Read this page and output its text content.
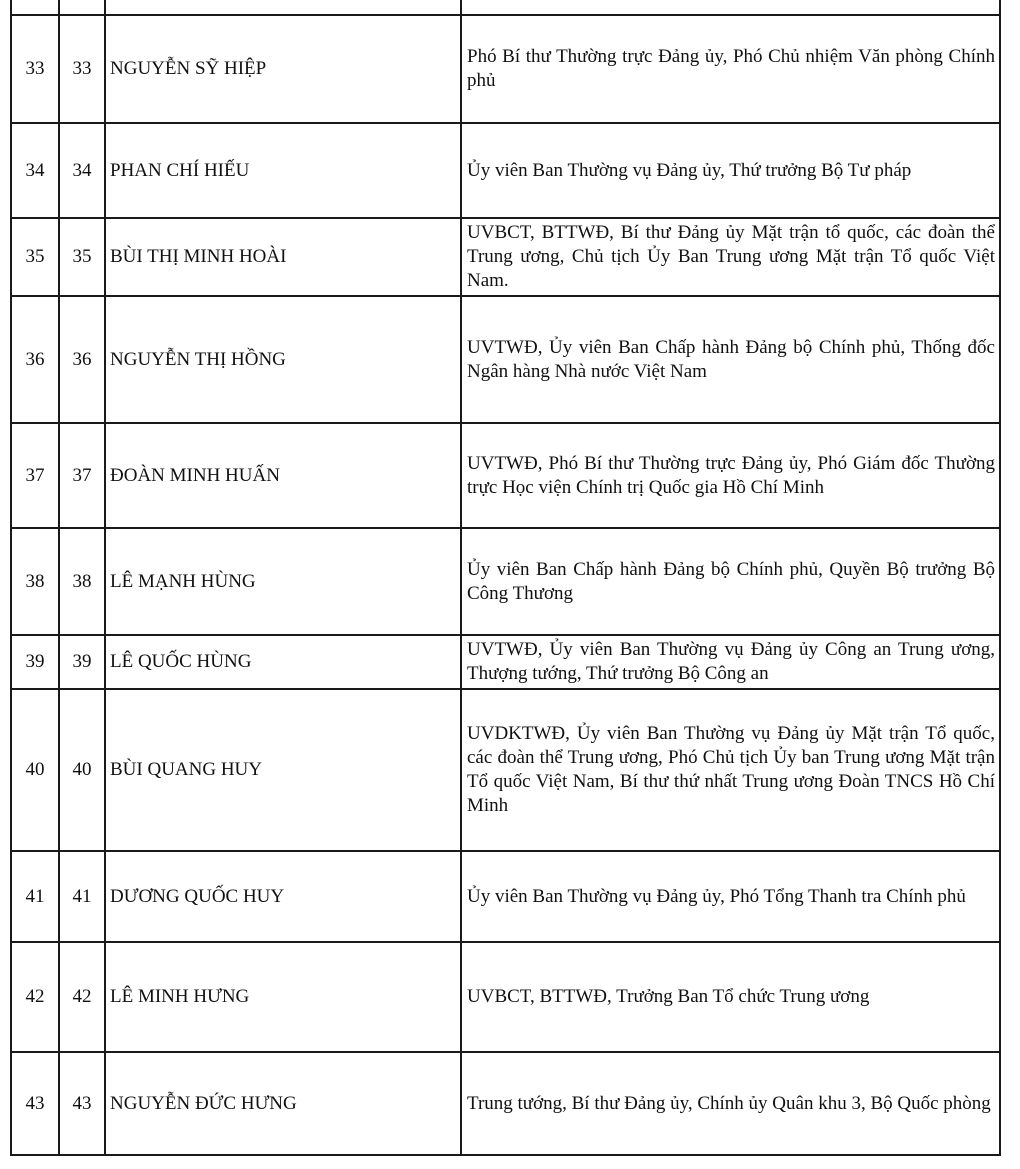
33	33	NGUYỄN SỸ HIỆP	Phó Bí thư Thường trực Đảng ủy, Phó Chủ nhiệm Văn phòng Chính phủ

34	34	PHAN CHÍ HIẾU	Ủy viên Ban Thường vụ Đảng ủy, Thứ trưởng Bộ Tư pháp

35	35	BÙI THỊ MINH HOÀI	UVBCT, BTTWĐ, Bí thư Đảng ủy Mặt trận tổ quốc, các đoàn thể Trung ương, Chủ tịch Ủy Ban Trung ương Mặt trận Tổ quốc Việt Nam.

36	36	NGUYỄN THỊ HỒNG	UVTWĐ, Ủy viên Ban Chấp hành Đảng bộ Chính phủ, Thống đốc Ngân hàng Nhà nước Việt Nam

37	37	ĐOÀN MINH HUẤN	UVTWĐ, Phó Bí thư Thường trực Đảng ủy, Phó Giám đốc Thường trực Học viện Chính trị Quốc gia Hồ Chí Minh

38	38	LÊ MẠNH HÙNG	Ủy viên Ban Chấp hành Đảng bộ Chính phủ, Quyền Bộ trưởng Bộ Công Thương

39	39	LÊ QUỐC HÙNG	UVTWĐ, Ủy viên Ban Thường vụ Đảng ủy Công an Trung ương, Thượng tướng, Thứ trưởng Bộ Công an

40	40	BÙI QUANG HUY	UVDKTWĐ, Ủy viên Ban Thường vụ Đảng ủy Mặt trận Tổ quốc, các đoàn thể Trung ương, Phó Chủ tịch Ủy ban Trung ương Mặt trận Tổ quốc Việt Nam, Bí thư thứ nhất Trung ương Đoàn TNCS Hồ Chí Minh

41	41	DƯƠNG QUỐC HUY	Ủy viên Ban Thường vụ Đảng ủy, Phó Tổng Thanh tra Chính phủ

42	42	LÊ MINH HƯNG	UVBCT, BTTWĐ, Trưởng Ban Tổ chức Trung ương

43	43	NGUYỄN ĐỨC HƯNG	Trung tướng, Bí thư Đảng ủy, Chính ủy Quân khu 3, Bộ Quốc phòng
